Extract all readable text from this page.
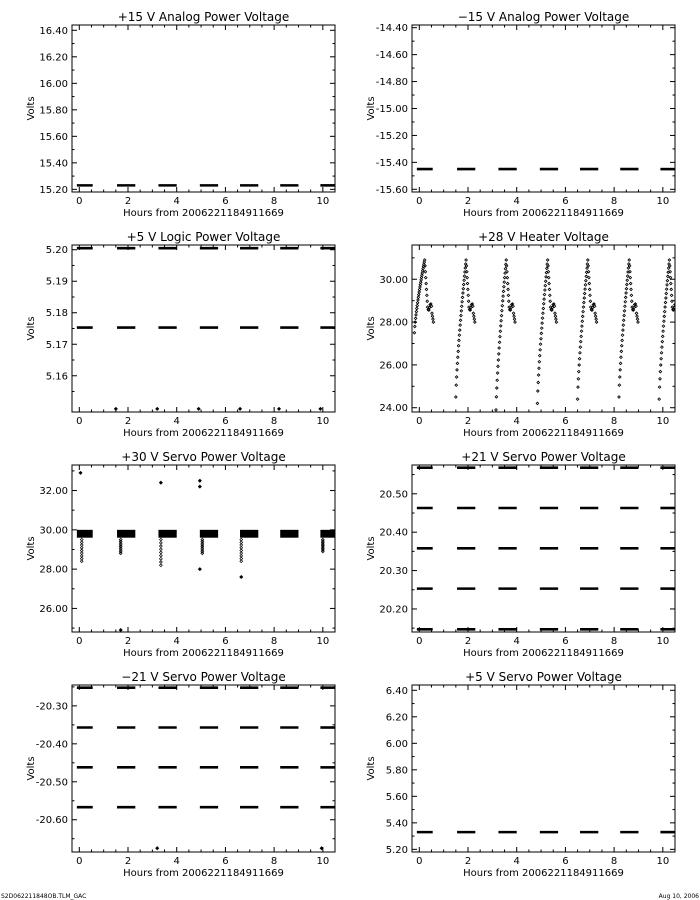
+15 V Analog Power Voltage
Hours from 2006221184911669
Volts
0	2	4	6	8	10
15.20
15.40
15.60
15.80
16.00
16.20
16.40
−15 V Analog Power Voltage
Hours from 2006221184911669
Volts
0	2	4	6	8	10
-15.60
-15.40
-15.20
-15.00
-14.80
-14.60
-14.40
+5 V Logic Power Voltage
Hours from 2006221184911669
Volts
0	2	4	6	8	10
5.16
5.17
5.18
5.19
5.20
+28 V Heater Voltage
Hours from 2006221184911669
Volts
0	2	4	6	8	10
24.00
26.00
28.00
30.00
+30 V Servo Power Voltage
Hours from 2006221184911669
Volts
0	2	4	6	8	10
26.00
28.00
30.00
32.00
+21 V Servo Power Voltage
Hours from 2006221184911669
Volts
0	2	4	6	8	10
20.20
20.30
20.40
20.50
−21 V Servo Power Voltage
Hours from 2006221184911669
Volts
0	2	4	6	8	10
-20.60
-20.50
-20.40
-20.30
+5 V Servo Power Voltage
Hours from 2006221184911669
Volts
0	2	4	6	8	10
5.20
5.40
5.60
5.80
6.00
6.20
6.40
S2D062211848OB.TLM_GAC	Aug 10, 2006
